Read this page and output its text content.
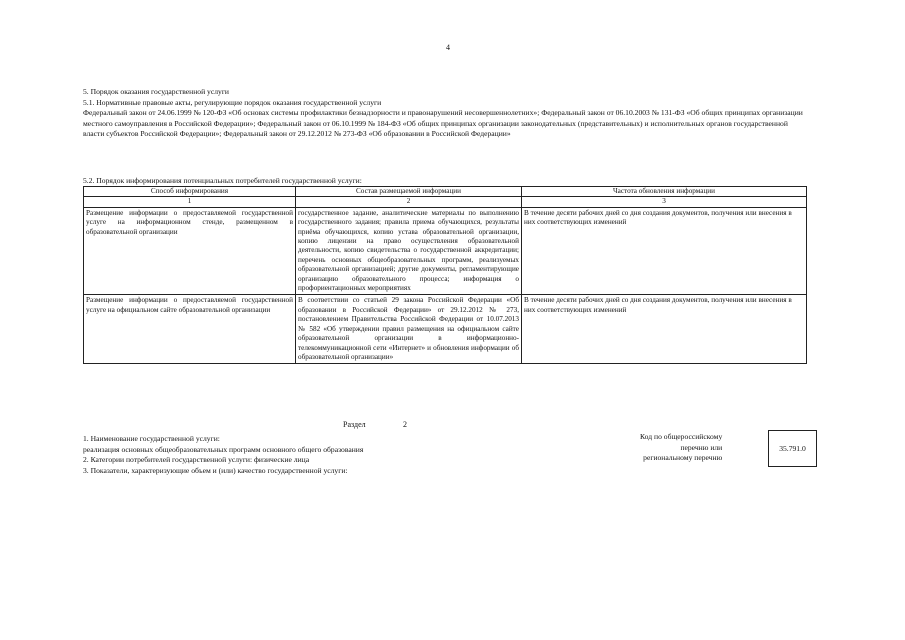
4
5. Порядок оказания государственной услуги
5.1. Нормативные правовые акты, регулирующие порядок оказания государственной услуги
Федеральный закон от 24.06.1999 № 120-ФЗ «Об основах системы профилактики безнадзорности и правонарушений несовершеннолетних»; Федеральный закон от 06.10.2003 № 131-ФЗ «Об общих принципах организации местного самоуправления в Российской Федерации»; Федеральный закон от 06.10.1999 № 184-ФЗ «Об общих принципах организации законодательных (представительных) и исполнительных органов государственной власти субъектов Российской Федерации»; Федеральный закон от 29.12.2012 № 273-ФЗ «Об образовании в Российской Федерации»
5.2. Порядок информирования потенциальных потребителей государственной услуги:
Способ информирования	Состав размещаемой информации	Частота обновления информации
1	2	3
Размещение информации о предоставляемой государственной услуге на информационном стенде, размещенном в образовательной организации	государственное задание, аналитические материалы по выполнению государственного задания; правила приема обучающихся, результаты приёма обучающихся, копию устава образовательной организации, копию лицензии на право осуществления образовательной деятельности, копию свидетельства о государственной аккредитации; перечень основных общеобразовательных программ, реализуемых образовательной организацией; другие документы, регламентирующие организацию образовательного процесса; информация о профориентационных мероприятиях	В течение десяти рабочих дней со дня создания документов, получения или внесения в них соответствующих изменений
Размещение информации о предоставляемой государственной услуге на официальном сайте образовательной организации	В соответствии со статьей 29 закона Российской Федерации «Об образовании в Российской Федерации» от 29.12.2012 № 273, постановлением Правительства Российской Федерации от 10.07.2013 № 582 «Об утверждении правил размещения на официальном сайте образовательной организации в информационно-телекоммуникационной сети «Интернет» и обновления информации об образовательной организации»	В течение десяти рабочих дней со дня создания документов, получения или внесения в них соответствующих изменений
Раздел	2
1. Наименование государственной услуги:
реализация основных общеобразовательных программ основного общего образования
2. Категории потребителей государственной услуги: физические лица
3. Показатели, характеризующие объем и (или) качество государственной услуги:
Код по общероссийскому
перечню или
региональному перечню
35.791.0
